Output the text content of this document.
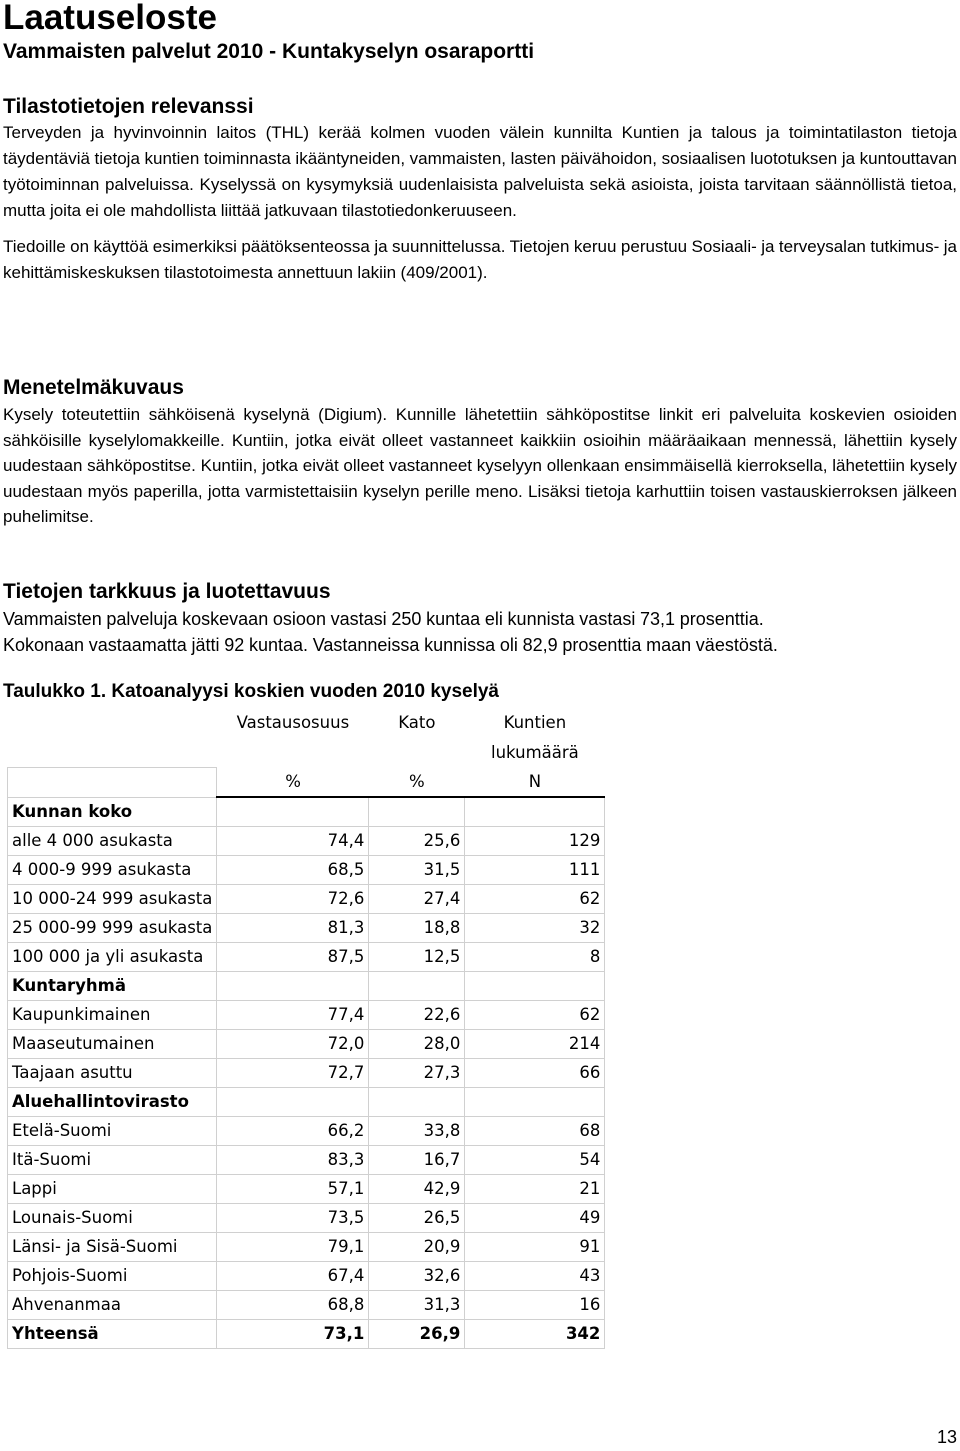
Laatuseloste
Vammaisten palvelut 2010 - Kuntakyselyn osaraportti
Tilastotietojen relevanssi

Terveyden ja hyvinvoinnin laitos (THL) kerää kolmen vuoden välein kunnilta Kuntien ja talous ja toimintatilaston tietoja täydentäviä tietoja kuntien toiminnasta ikääntyneiden, vammaisten, lasten päivähoidon, sosiaalisen luototuksen ja kuntouttavan työtoiminnan palveluissa. Kyselyssä on kysymyksiä uudenlaisista palveluista sekä asioista, joista tarvitaan säännöllistä tietoa, mutta joita ei ole mahdollista liittää jatkuvaan tilastotiedonkeruuseen.

Tiedoille on käyttöä esimerkiksi päätöksenteossa ja suunnittelussa. Tietojen keruu perustuu Sosiaali- ja terveysalan tutkimus- ja kehittämiskeskuksen tilastotoimesta annettuun lakiin (409/2001).

Menetelmäkuvaus

Kysely toteutettiin sähköisenä kyselynä (Digium). Kunnille lähetettiin sähköpostitse linkit eri palveluita koskevien osioiden sähköisille kyselylomakkeille. Kuntiin, jotka eivät olleet vastanneet kaikkiin osioihin määräaikaan mennessä, lähettiin kysely uudestaan sähköpostitse. Kuntiin, jotka eivät olleet vastanneet kyselyyn ollenkaan ensimmäisellä kierroksella, lähetettiin kysely uudestaan myös paperilla, jotta varmistettaisiin kyselyn perille meno. Lisäksi tietoja karhuttiin toisen vastauskierroksen jälkeen puhelimitse.

Tietojen tarkkuus ja luotettavuus

Vammaisten palveluja koskevaan osioon vastasi 250 kuntaa eli kunnista vastasi 73,1 prosenttia.

Kokonaan vastaamatta jätti 92 kuntaa. Vastanneissa kunnissa oli 82,9 prosenttia maan väestöstä.

Taulukko 1. Katoanalyysi koskien vuoden 2010 kyselyä
	Vastausosuus	Kato	Kuntien
			lukumäärä
	%	%	N
Kunnan koko			
alle 4 000 asukasta	74,4	25,6	129
4 000-9 999 asukasta	68,5	31,5	111
10 000-24 999 asukasta	72,6	27,4	62
25 000-99 999 asukasta	81,3	18,8	32
100 000 ja yli asukasta	87,5	12,5	8
Kuntaryhmä			
Kaupunkimainen	77,4	22,6	62
Maaseutumainen	72,0	28,0	214
Taajaan asuttu	72,7	27,3	66
Aluehallintovirasto			
Etelä-Suomi	66,2	33,8	68
Itä-Suomi	83,3	16,7	54
Lappi	57,1	42,9	21
Lounais-Suomi	73,5	26,5	49
Länsi- ja Sisä-Suomi	79,1	20,9	91
Pohjois-Suomi	67,4	32,6	43
Ahvenanmaa	68,8	31,3	16
Yhteensä	73,1	26,9	342
13
